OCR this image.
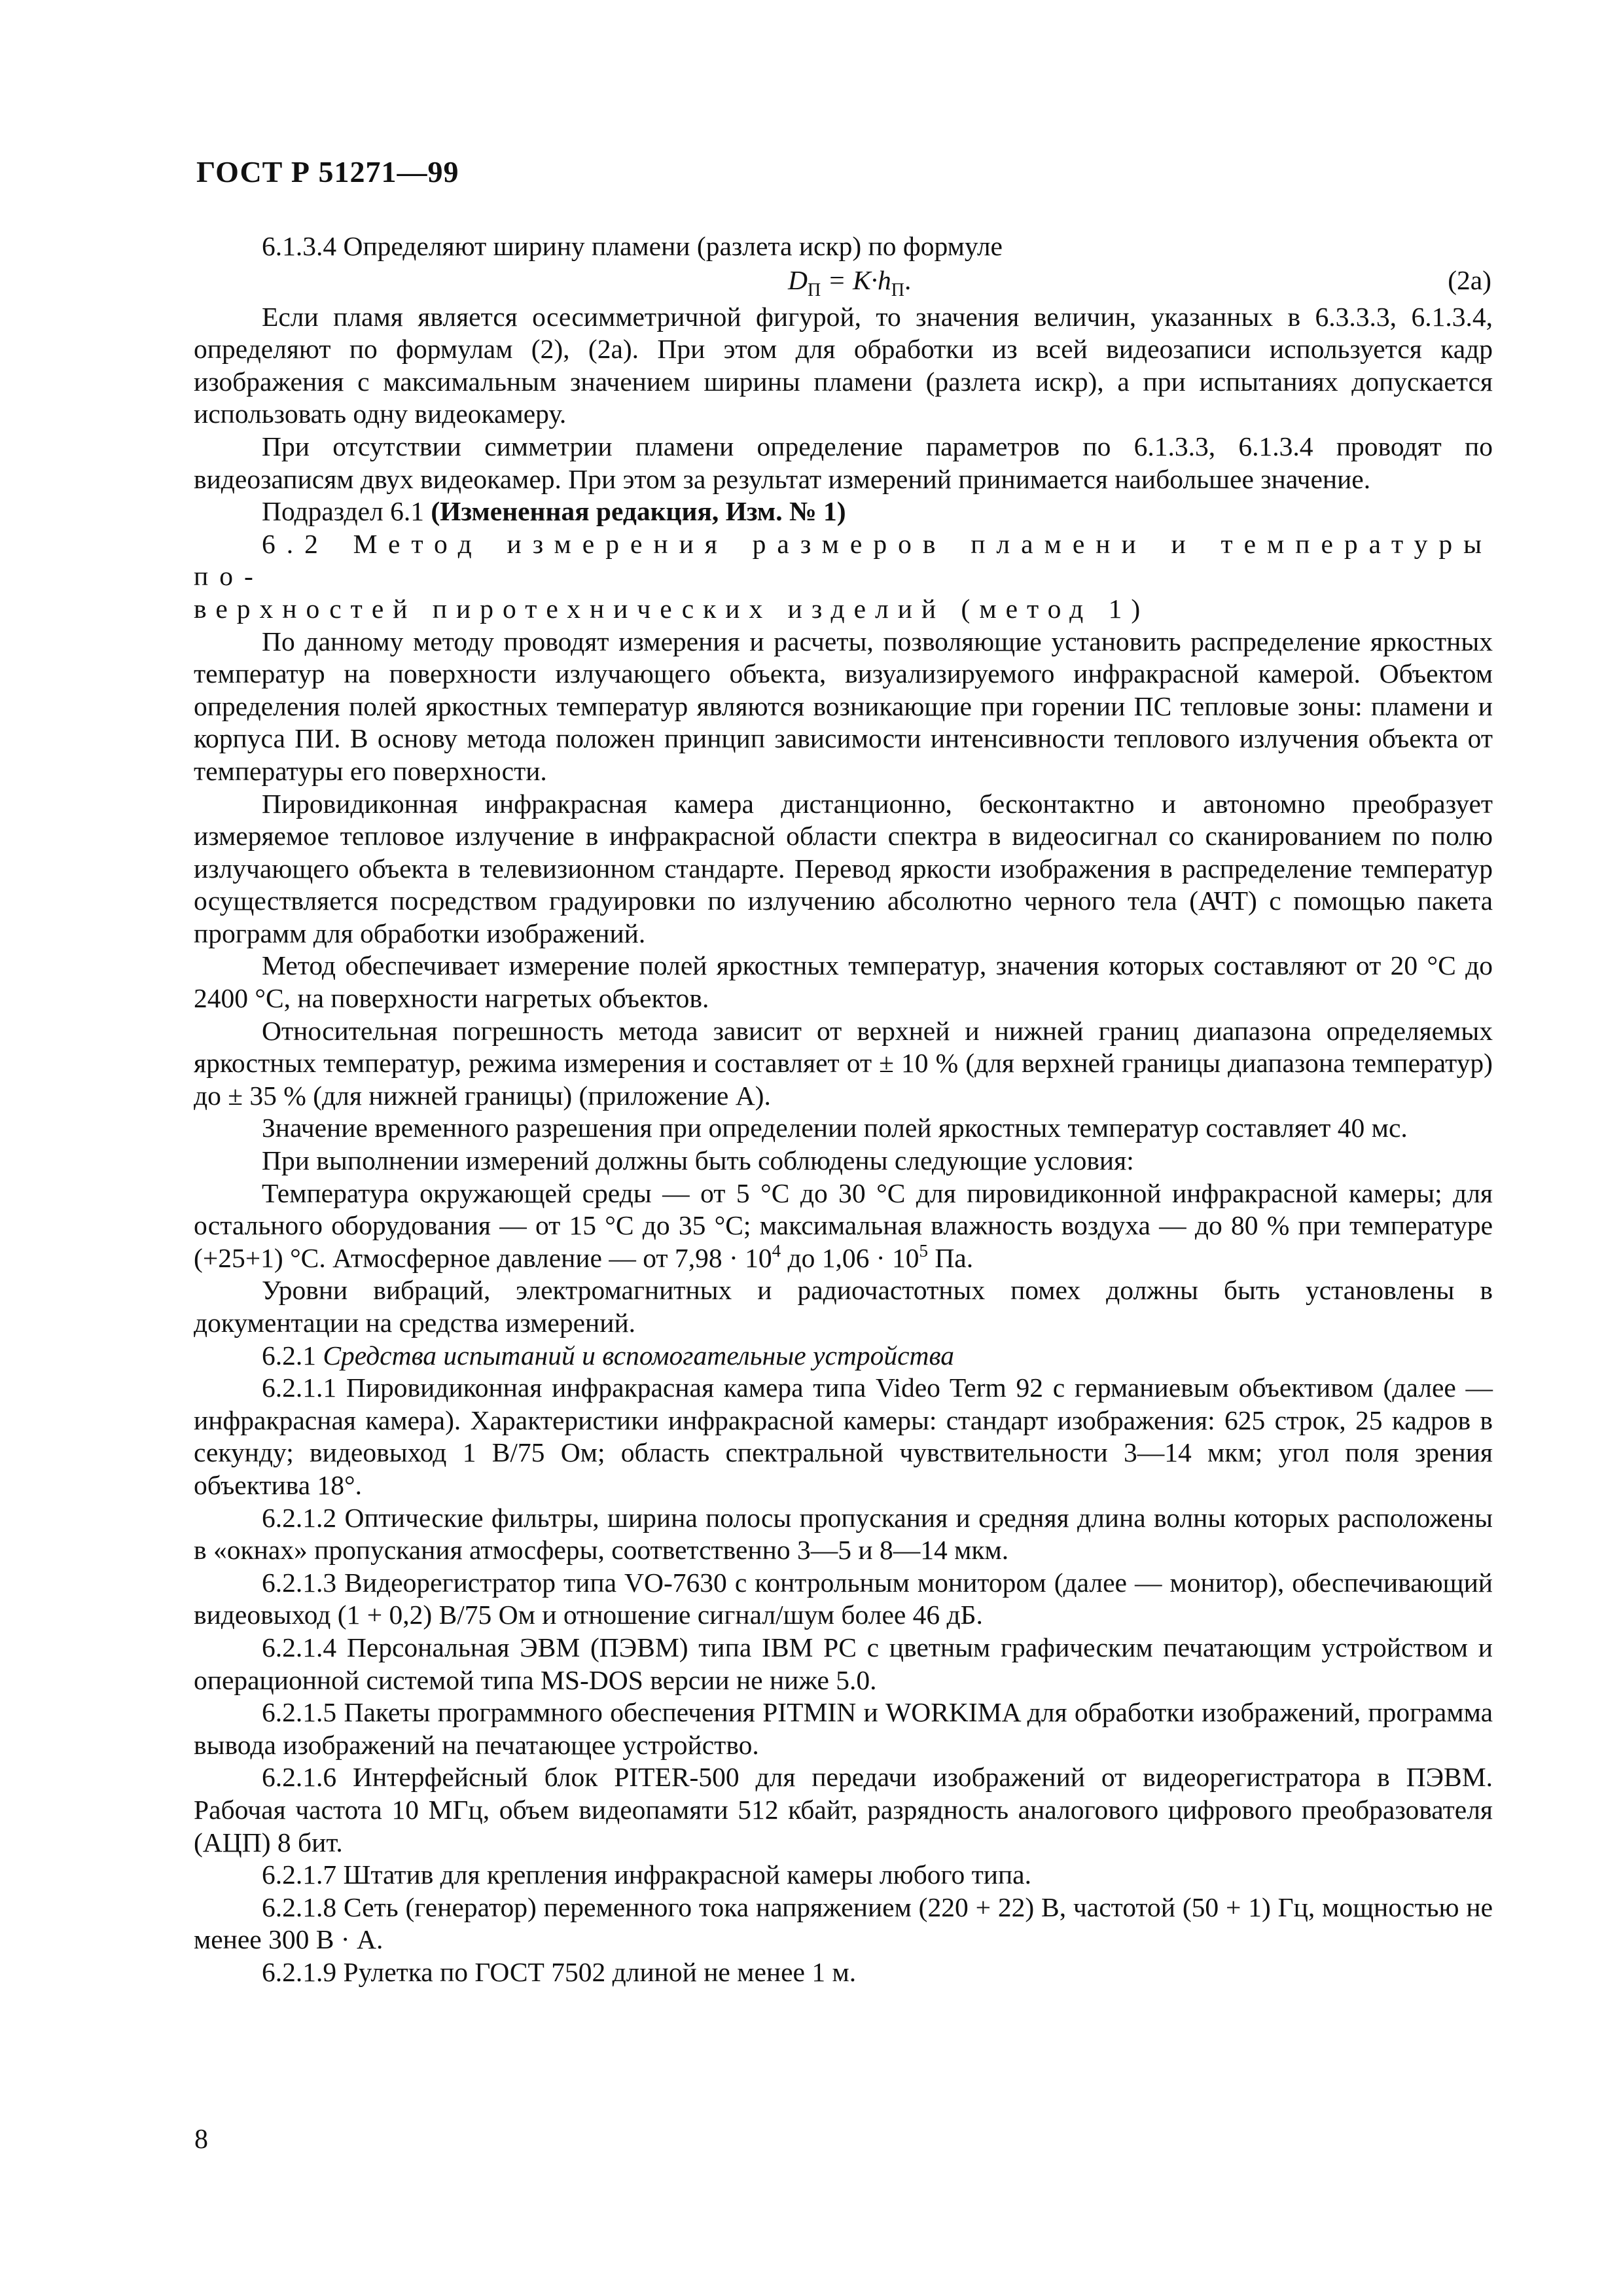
ГОСТ Р 51271—99

6.1.3.4 Определяют ширину пламени (разлета искр) по формуле

$D_П = K\cdot h_П$.	(2а)

Если пламя является осесимметричной фигурой, то значения величин, указанных в 6.3.3.3, 6.1.3.4, определяют по формулам (2), (2а). При этом для обработки из всей видеозаписи используется кадр изображения с максимальным значением ширины пламени (разлета искр), а при испытаниях допускается использовать одну видеокамеру.

При отсутствии симметрии пламени определение параметров по 6.1.3.3, 6.1.3.4 проводят по видеозаписям двух видеокамер. При этом за результат измерений принимается наибольшее значение.

Подраздел 6.1 (Измененная редакция, Изм. № 1)

6.2 Метод измерения размеров пламени и температуры по-

верхностей пиротехнических изделий (метод 1)

По данному методу проводят измерения и расчеты, позволяющие установить распределение яркостных температур на поверхности излучающего объекта, визуализируемого инфракрасной камерой. Объектом определения полей яркостных температур являются возникающие при горении ПС тепловые зоны: пламени и корпуса ПИ. В основу метода положен принцип зависимости интенсивности теплового излучения объекта от температуры его поверхности.

Пировидиконная инфракрасная камера дистанционно, бесконтактно и автономно преобразует измеряемое тепловое излучение в инфракрасной области спектра в видеосигнал со сканированием по полю излучающего объекта в телевизионном стандарте. Перевод яркости изображения в распределение температур осуществляется посредством градуировки по излучению абсолютно черного тела (АЧТ) с помощью пакета программ для обработки изображений.

Метод обеспечивает измерение полей яркостных температур, значения которых составляют от 20 °С до 2400 °С, на поверхности нагретых объектов.

Относительная погрешность метода зависит от верхней и нижней границ диапазона определяемых яркостных температур, режима измерения и составляет от ± 10 % (для верхней границы диапазона температур) до ± 35 % (для нижней границы) (приложение А).

Значение временного разрешения при определении полей яркостных температур составляет 40 мс.

При выполнении измерений должны быть соблюдены следующие условия:

Температура окружающей среды — от 5 °С до 30 °С для пировидиконной инфракрасной камеры; для остального оборудования — от 15 °С до 35 °С; максимальная влажность воздуха — до 80 % при температуре (+25+1) °С. Атмосферное давление — от $7,98 \cdot 10^4$ до $1,06 \cdot 10^5$ Па.

Уровни вибраций, электромагнитных и радиочастотных помех должны быть установлены в документации на средства измерений.

6.2.1 Средства испытаний и вспомогательные устройства

6.2.1.1 Пировидиконная инфракрасная камера типа Video Term 92 с германиевым объективом (далее — инфракрасная камера). Характеристики инфракрасной камеры: стандарт изображения: 625 строк, 25 кадров в секунду; видеовыход 1 В/75 Ом; область спектральной чувствительности 3—14 мкм; угол поля зрения объектива 18°.

6.2.1.2 Оптические фильтры, ширина полосы пропускания и средняя длина волны которых расположены в «окнах» пропускания атмосферы, соответственно 3—5 и 8—14 мкм.

6.2.1.3 Видеорегистратор типа VO-7630 с контрольным монитором (далее — монитор), обеспечивающий видеовыход (1 + 0,2) В/75 Ом и отношение сигнал/шум более 46 дБ.

6.2.1.4 Персональная ЭВМ (ПЭВМ) типа IBM PC с цветным графическим печатающим устройством и операционной системой типа MS-DOS версии не ниже 5.0.

6.2.1.5 Пакеты программного обеспечения PITMIN и WORKIMA для обработки изображений, программа вывода изображений на печатающее устройство.

6.2.1.6 Интерфейсный блок PITER-500 для передачи изображений от видеорегистратора в ПЭВМ. Рабочая частота 10 МГц, объем видеопамяти 512 кбайт, разрядность аналогового цифрового преобразователя (АЦП) 8 бит.

6.2.1.7 Штатив для крепления инфракрасной камеры любого типа.

6.2.1.8 Сеть (генератор) переменного тока напряжением (220 + 22) В, частотой (50 + 1) Гц, мощностью не менее 300 В · А.

6.2.1.9 Рулетка по ГОСТ 7502 длиной не менее 1 м.

8
